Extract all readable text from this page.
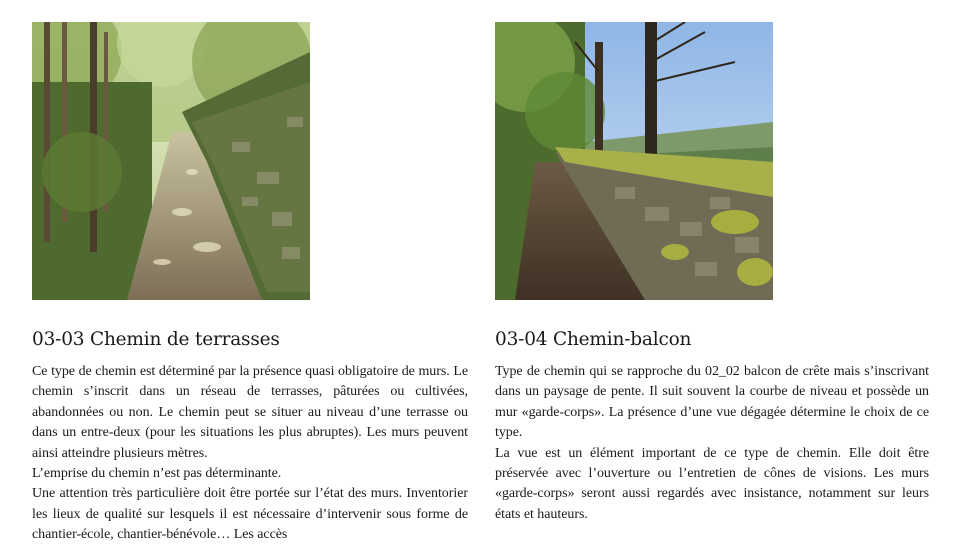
03-03 Chemin de terrasses

Ce type de chemin est déterminé par la présence quasi obligatoire de murs. Le chemin s’inscrit dans un réseau de terrasses, pâturées ou cultivées, abandonnées ou non. Le chemin peut se situer au niveau d’une terrasse ou dans un entre-deux (pour les situations les plus abruptes). Les murs peuvent ainsi atteindre plusieurs mètres.

L’emprise du chemin n’est pas déterminante.

Une attention très particulière doit être portée sur l’état des murs. Inventorier les lieux de qualité sur lesquels il est nécessaire d’intervenir sous forme de chantier-école, chantier-bénévole… Les accès

03-04 Chemin-balcon

Type de chemin qui se rapproche du 02_02 balcon de crête mais s’inscrivant dans un paysage de pente. Il suit souvent la courbe de niveau et possède un mur «garde-corps». La présence d’une vue dégagée détermine le choix de ce type.

La vue est un élément important de ce type de chemin. Elle doit être préservée avec l’ouverture ou l’entretien de cônes de visions. Les murs «garde-corps» seront aussi regardés avec insistance, notamment sur leurs états et hauteurs.
